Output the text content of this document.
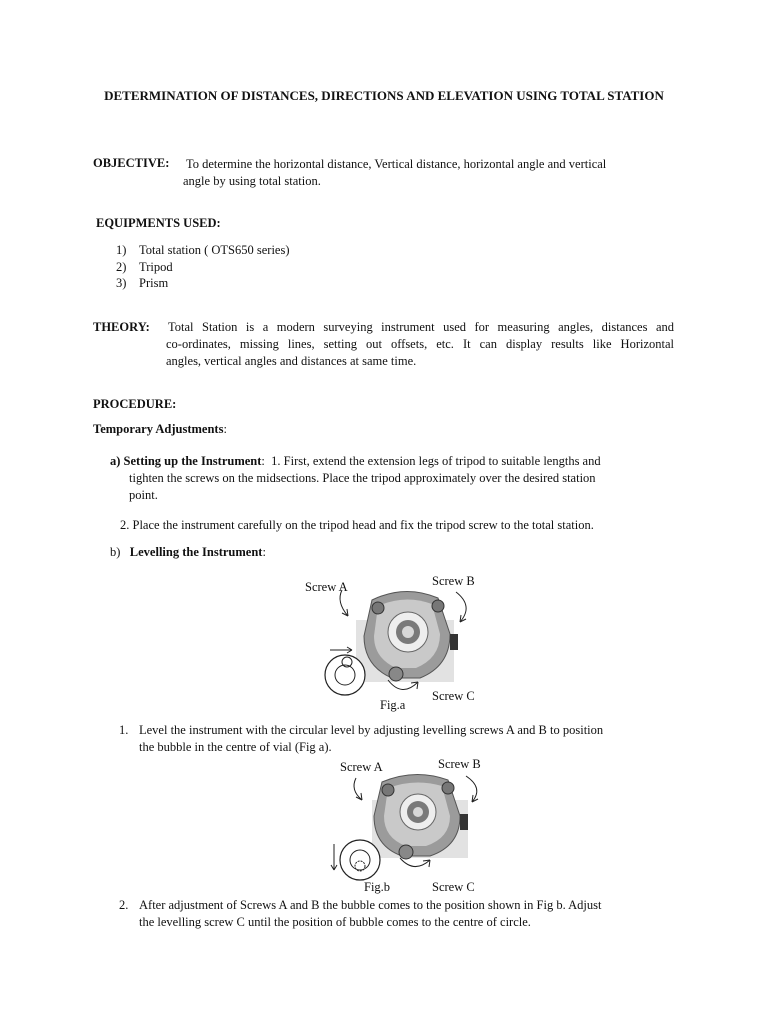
DETERMINATION OF DISTANCES, DIRECTIONS AND ELEVATION USING TOTAL STATION
OBJECTIVE: To determine the horizontal distance, Vertical distance, horizontal angle and vertical
angle by using total station.
EQUIPMENTS USED:
1) Total station ( OTS650 series)
2) Tripod
3) Prism
THEORY: Total Station is a modern surveying instrument used for measuring angles, distances and
co-ordinates, missing lines, setting out offsets, etc. It can display results like Horizontal
angles, vertical angles and distances at same time.
PROCEDURE:
Temporary Adjustments:
a) Setting up the Instrument: 1. First, extend the extension legs of tripod to suitable lengths and
tighten the screws on the midsections. Place the tripod approximately over the desired station
point.
2. Place the instrument carefully on the tripod head and fix the tripod screw to the total station.
b) Levelling the Instrument:
Screw A	Screw B
Screw C
Fig.a
1. Level the instrument with the circular level by adjusting levelling screws A and B to position
the bubble in the centre of vial (Fig a).
Screw A	Screw B
Screw C
Fig.b
2. After adjustment of Screws A and B the bubble comes to the position shown in Fig b. Adjust
the levelling screw C until the position of bubble comes to the centre of circle.
